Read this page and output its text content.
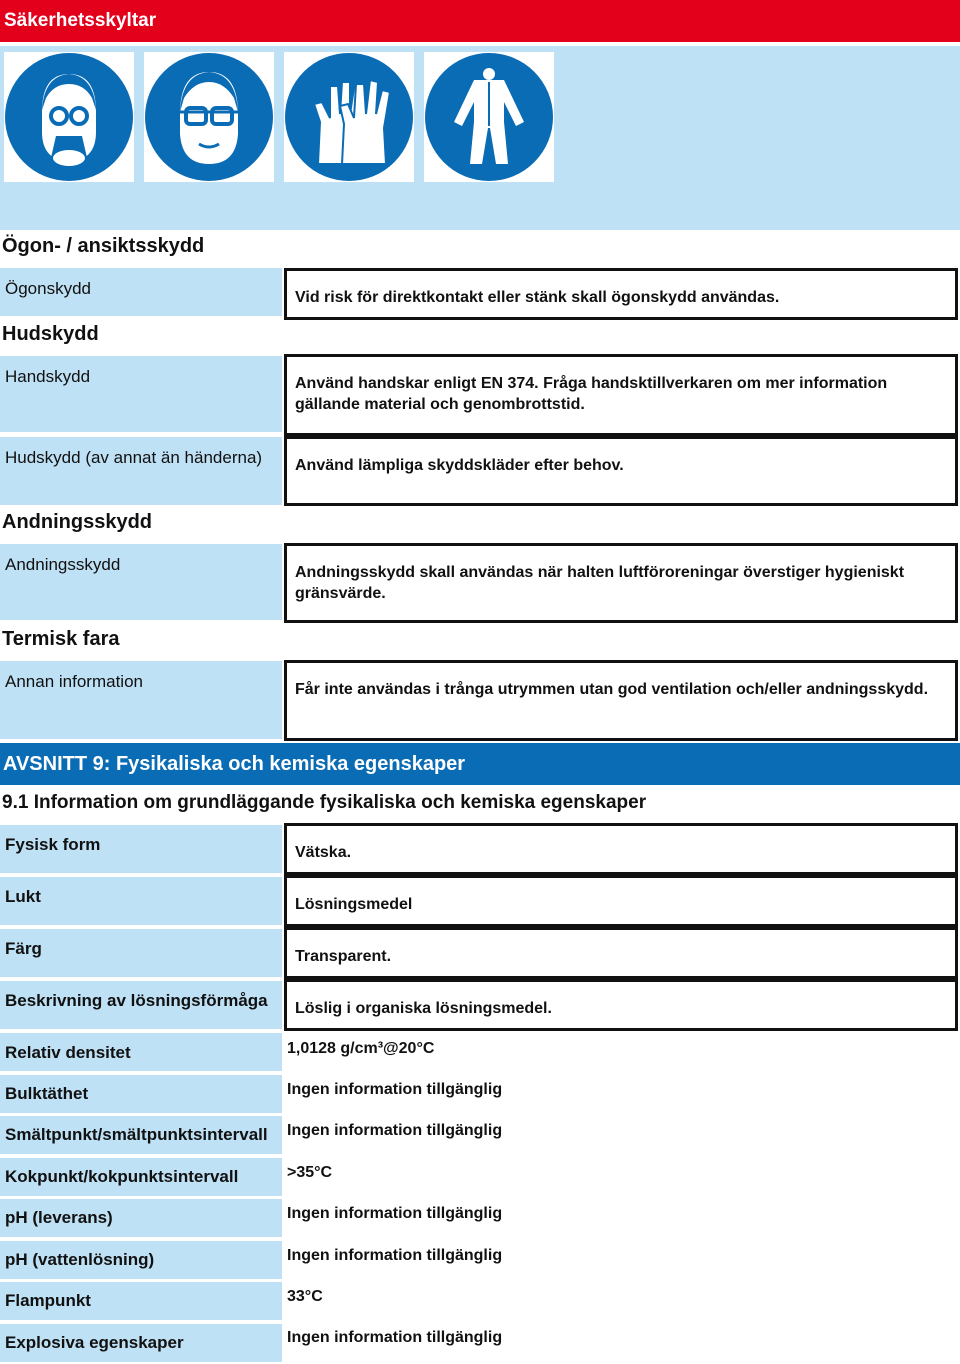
Säkerhetsskyltar
Ögon- / ansiktsskydd
Ögonskydd	Vid risk för direktkontakt eller stänk skall ögonskydd användas.
Hudskydd
Handskydd	Använd handskar enligt EN 374. Fråga handsktillverkaren om mer information gällande material och genombrottstid.
Hudskydd (av annat än händerna)	Använd lämpliga skyddskläder efter behov.
Andningsskydd
Andningsskydd	Andningsskydd skall användas när halten luftföroreningar överstiger hygieniskt gränsvärde.
Termisk fara
Annan information	Får inte användas i trånga utrymmen utan god ventilation och/eller andningsskydd.
AVSNITT 9: Fysikaliska och kemiska egenskaper
9.1 Information om grundläggande fysikaliska och kemiska egenskaper
Fysisk form	Vätska.
Lukt	Lösningsmedel
Färg	Transparent.
Beskrivning av lösningsförmåga	Löslig i organiska lösningsmedel.
Relativ densitet	1,0128 g/cm³@20°C
Bulktäthet	Ingen information tillgänglig
Smältpunkt/smältpunktsintervall	Ingen information tillgänglig
Kokpunkt/kokpunktsintervall	>35°C
pH (leverans)	Ingen information tillgänglig
pH (vattenlösning)	Ingen information tillgänglig
Flampunkt	33°C
Explosiva egenskaper	Ingen information tillgänglig
